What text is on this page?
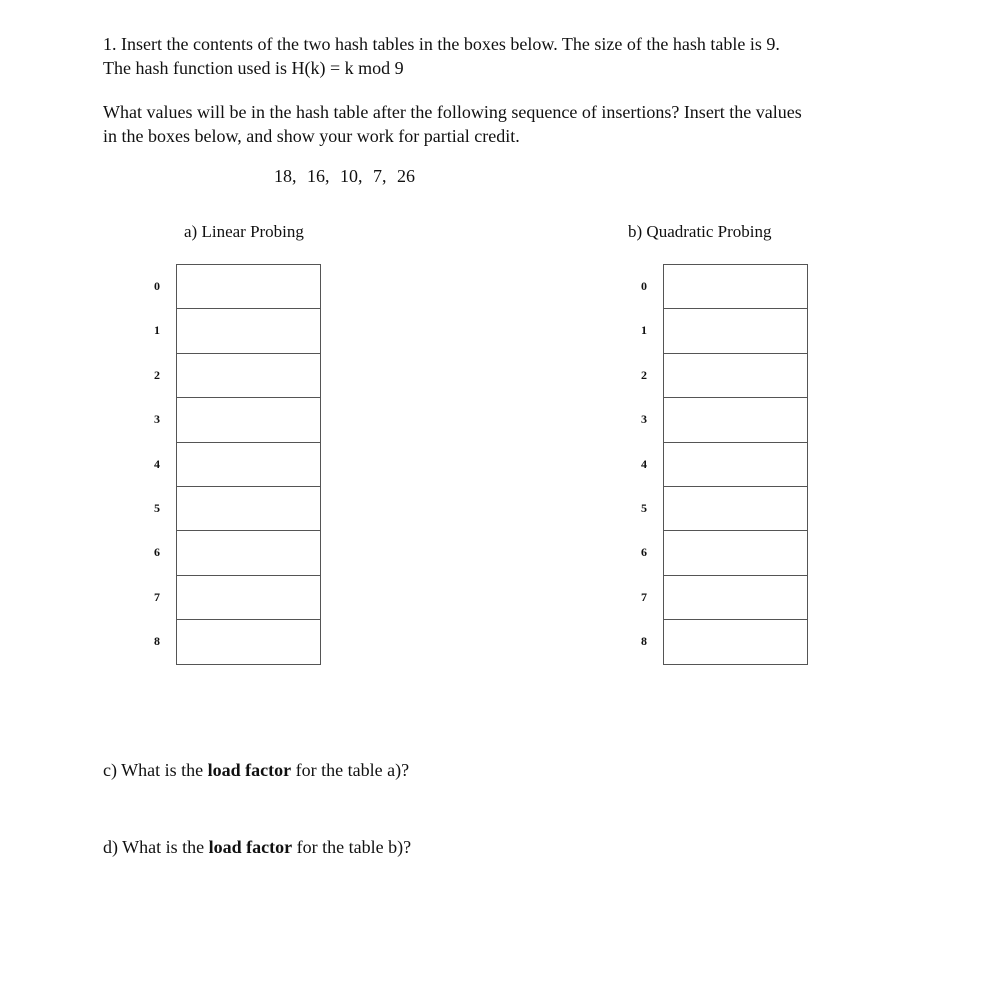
1. Insert the contents of the two hash tables in the boxes below. The size of the hash table is 9.
The hash function used is H(k) = k mod 9

What values will be in the hash table after the following sequence of insertions? Insert the values
in the boxes below, and show your work for partial credit.

18, 16, 10, 7, 26
a) Linear Probing	b) Quadratic Probing
0
1
2
3
4
5
6
7
8
0
1
2
3
4
5
6
7
8
c) What is the load factor for the table a)?
d) What is the load factor for the table b)?
